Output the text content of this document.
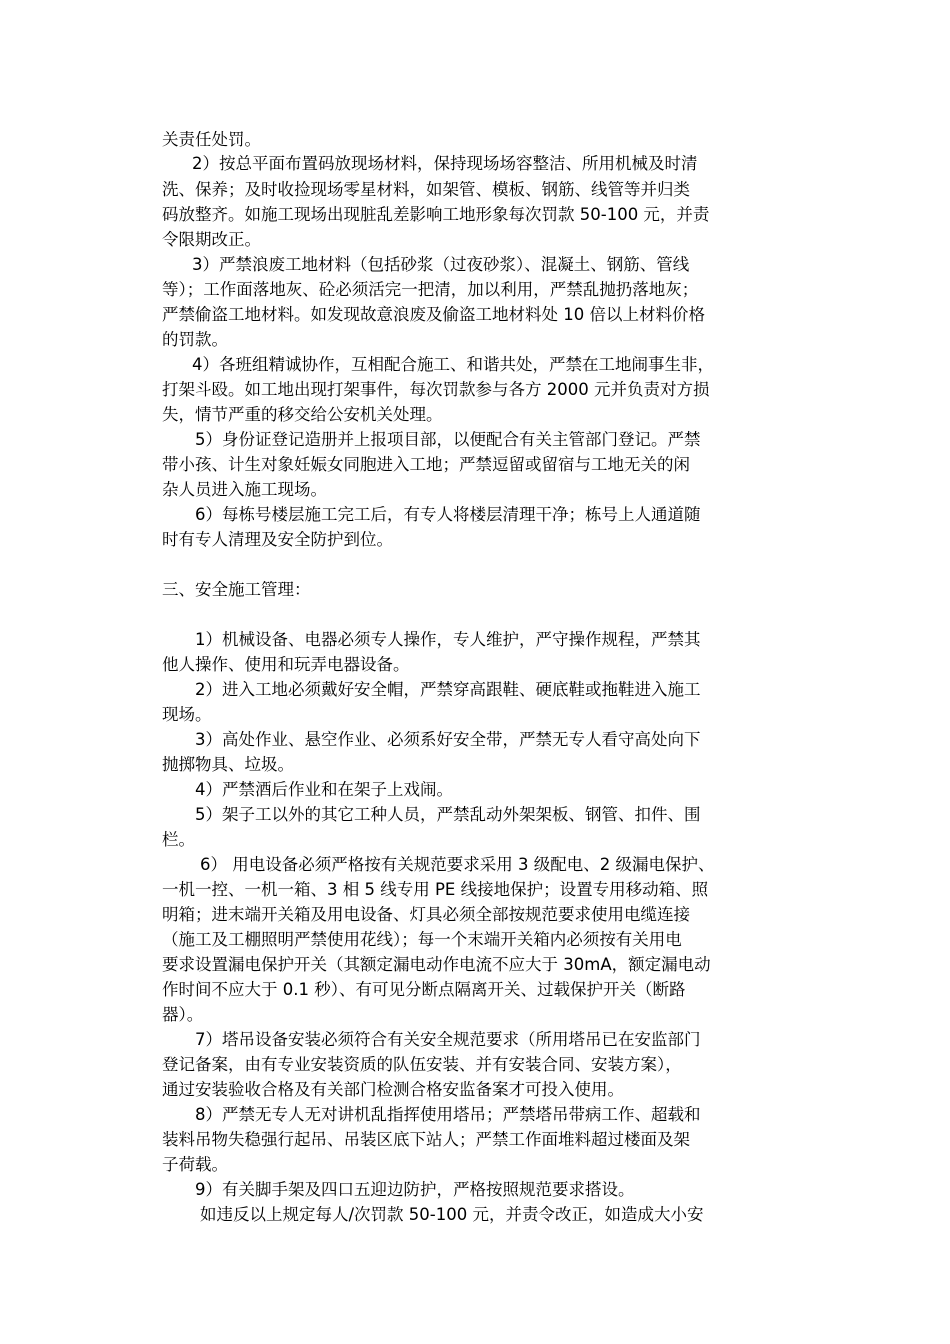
关责任处罚。
2）按总平面布置码放现场材料，保持现场场容整洁、所用机械及时清
洗、保养；及时收捡现场零星材料，如架管、模板、钢筋、线管等并归类
码放整齐。如施工现场出现脏乱差影响工地形象每次罚款 50-100 元，并责
令限期改正。
3）严禁浪废工地材料（包括砂浆（过夜砂浆）、混凝土、钢筋、管线
等）；工作面落地灰、砼必须活完一把清，加以利用，严禁乱抛扔落地灰；
严禁偷盗工地材料。如发现故意浪废及偷盗工地材料处 10 倍以上材料价格
的罚款。
4）各班组精诚协作，互相配合施工、和谐共处，严禁在工地闹事生非，
打架斗殴。如工地出现打架事件，每次罚款参与各方 2000 元并负责对方损
失，情节严重的移交给公安机关处理。
5）身份证登记造册并上报项目部，以便配合有关主管部门登记。严禁
带小孩、计生对象妊娠女同胞进入工地；严禁逗留或留宿与工地无关的闲
杂人员进入施工现场。
6）每栋号楼层施工完工后，有专人将楼层清理干净；栋号上人通道随
时有专人清理及安全防护到位。
三、安全施工管理：
1）机械设备、电器必须专人操作，专人维护，严守操作规程，严禁其
他人操作、使用和玩弄电器设备。
2）进入工地必须戴好安全帽，严禁穿高跟鞋、硬底鞋或拖鞋进入施工
现场。
3）高处作业、悬空作业、必须系好安全带，严禁无专人看守高处向下
抛掷物具、垃圾。
4）严禁酒后作业和在架子上戏闹。
5）架子工以外的其它工种人员，严禁乱动外架架板、钢管、扣件、围
栏。
6） 用电设备必须严格按有关规范要求采用 3 级配电、2 级漏电保护、
一机一控、一机一箱、3 相 5 线专用 PE 线接地保护；设置专用移动箱、照
明箱；进末端开关箱及用电设备、灯具必须全部按规范要求使用电缆连接
（施工及工棚照明严禁使用花线）；每一个末端开关箱内必须按有关用电
要求设置漏电保护开关（其额定漏电动作电流不应大于 30mA，额定漏电动
作时间不应大于 0.1 秒）、有可见分断点隔离开关、过载保护开关（断路
器）。
7）塔吊设备安装必须符合有关安全规范要求（所用塔吊已在安监部门
登记备案，由有专业安装资质的队伍安装、并有安装合同、安装方案），
通过安装验收合格及有关部门检测合格安监备案才可投入使用。
8）严禁无专人无对讲机乱指挥使用塔吊；严禁塔吊带病工作、超载和
装料吊物失稳强行起吊、吊装区底下站人；严禁工作面堆料超过楼面及架
子荷载。
9）有关脚手架及四口五迎边防护，严格按照规范要求搭设。
如违反以上规定每人/次罚款 50-100 元，并责令改正，如造成大小安
